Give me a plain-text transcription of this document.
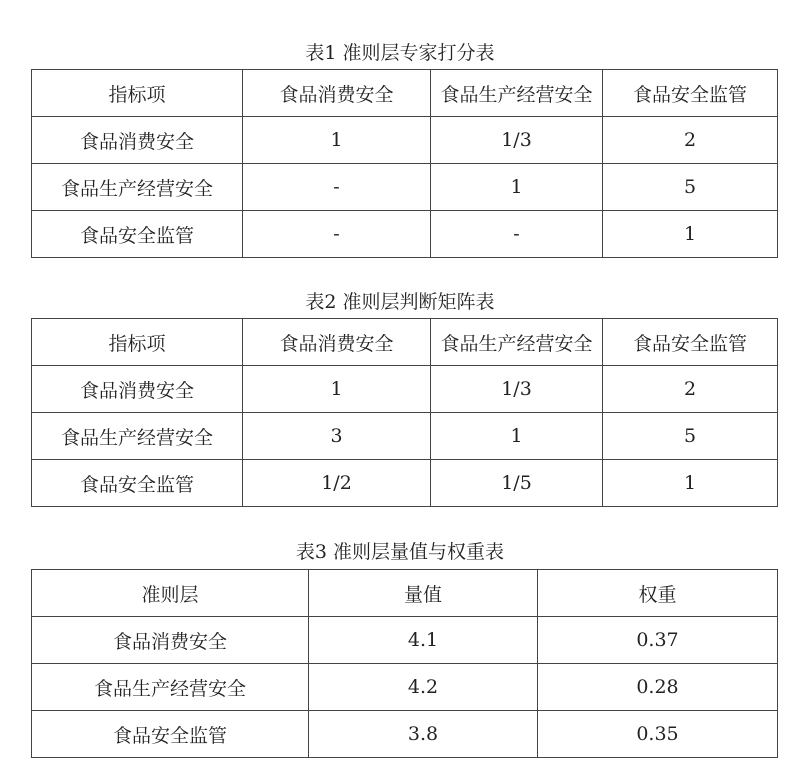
表1 准则层专家打分表
指标项	食品消费安全	食品生产经营安全	食品安全监管
食品消费安全	1	1/3	2
食品生产经营安全	-	1	5
食品安全监管	-	-	1
表2 准则层判断矩阵表
指标项	食品消费安全	食品生产经营安全	食品安全监管
食品消费安全	1	1/3	2
食品生产经营安全	3	1	5
食品安全监管	1/2	1/5	1
表3 准则层量值与权重表
准则层	量值	权重
食品消费安全	4.1	0.37
食品生产经营安全	4.2	0.28
食品安全监管	3.8	0.35
